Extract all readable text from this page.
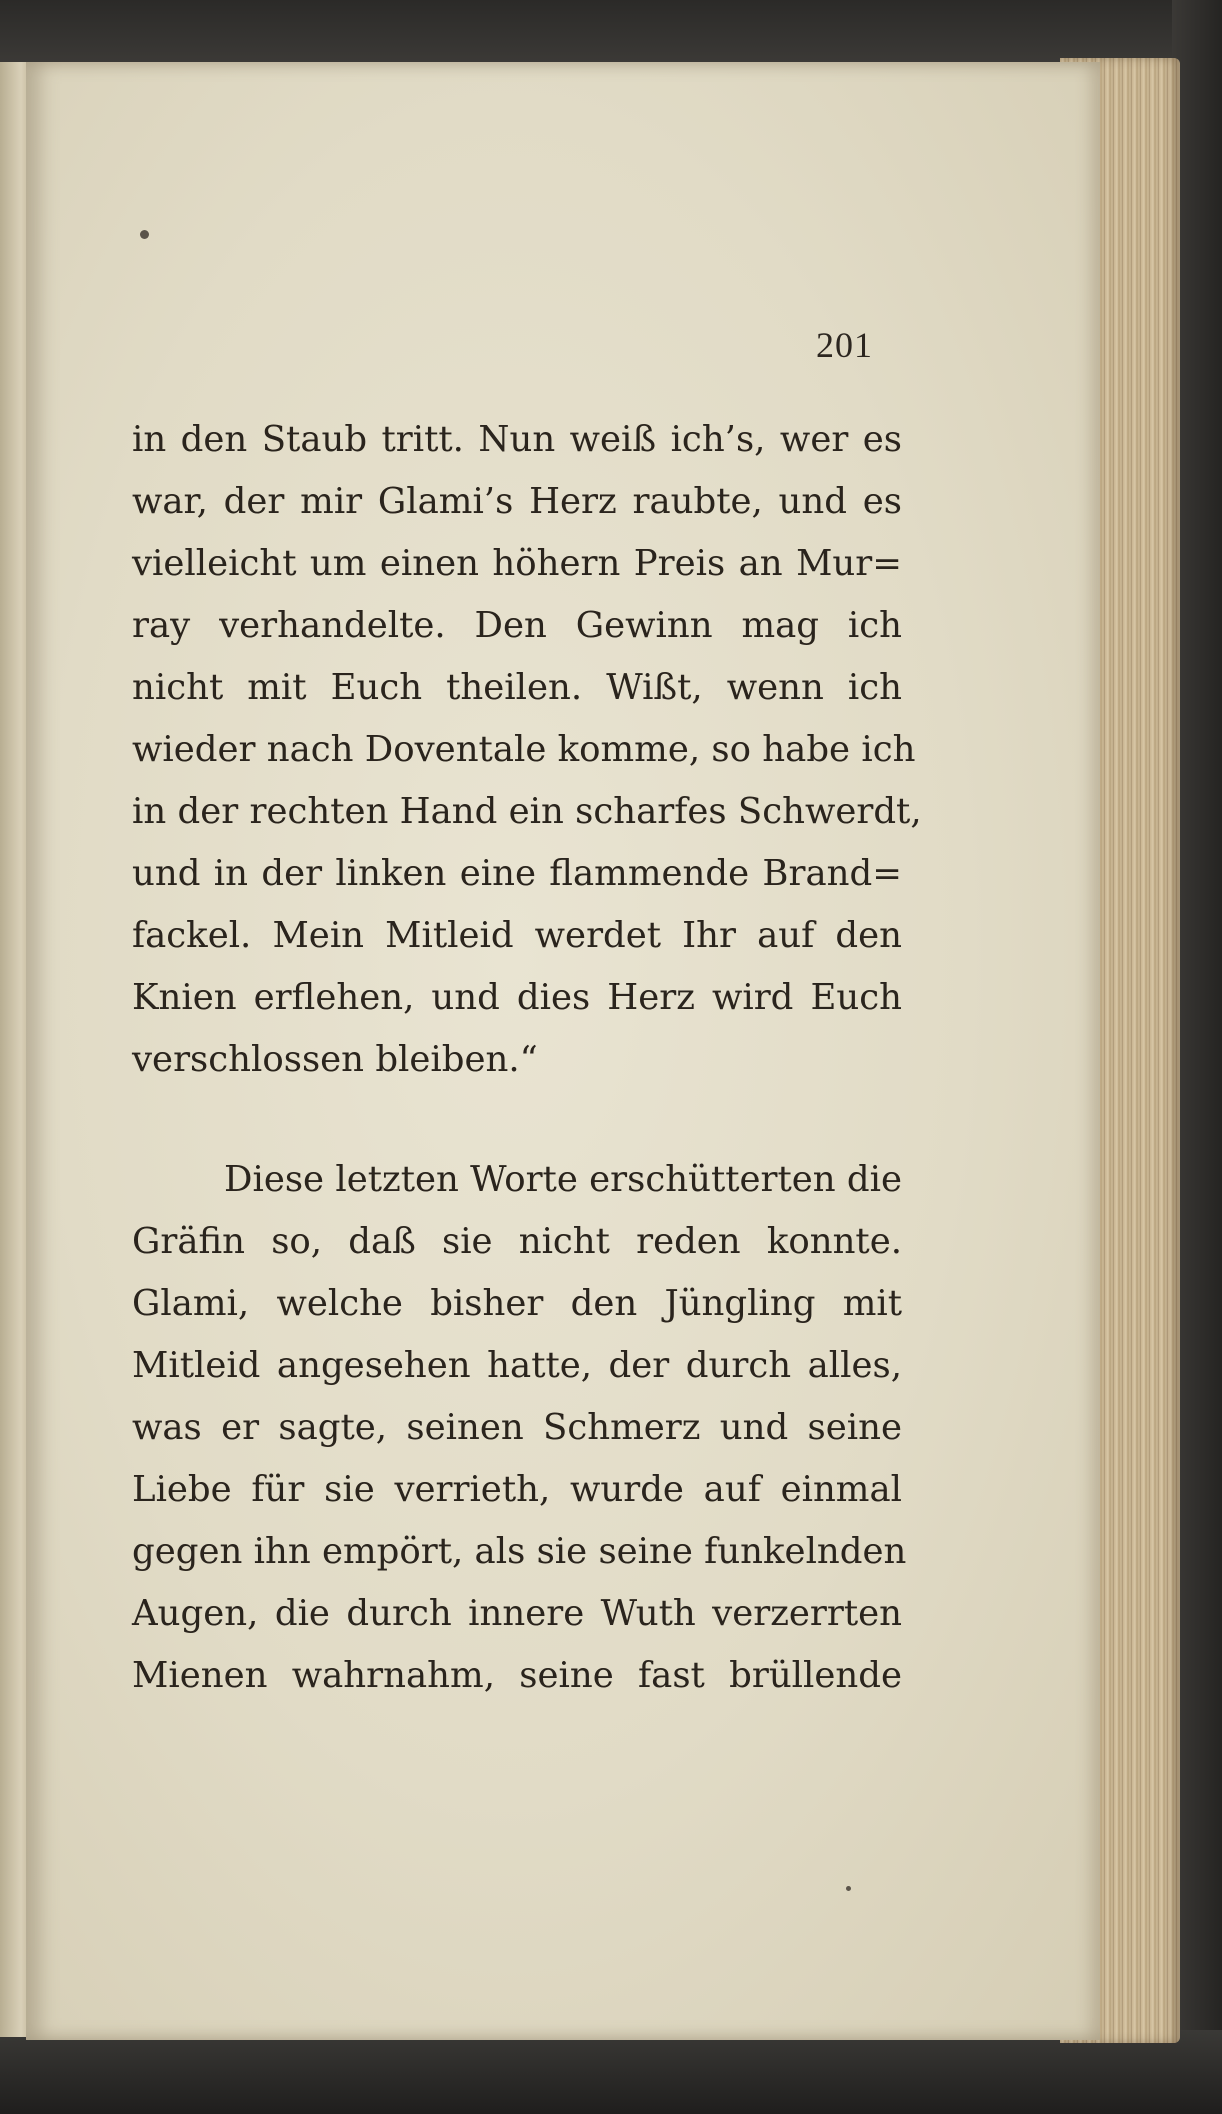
201
in den Staub tritt. Nun weiß ich’s, wer es
war, der mir Glami’s Herz raubte, und es
vielleicht um einen höhern Preis an Mur=
ray verhandelte. Den Gewinn mag ich
nicht mit Euch theilen. Wißt, wenn ich
wieder nach Doventale komme, so habe ich
in der rechten Hand ein scharfes Schwerdt,
und in der linken eine flammende Brand=
fackel. Mein Mitleid werdet Ihr auf den
Knien erflehen, und dies Herz wird Euch
verschlossen bleiben.“
Diese letzten Worte erschütterten die
Gräfin so, daß sie nicht reden konnte.
Glami, welche bisher den Jüngling mit
Mitleid angesehen hatte, der durch alles,
was er sagte, seinen Schmerz und seine
Liebe für sie verrieth, wurde auf einmal
gegen ihn empört, als sie seine funkelnden
Augen, die durch innere Wuth verzerrten
Mienen wahrnahm, seine fast brüllende
